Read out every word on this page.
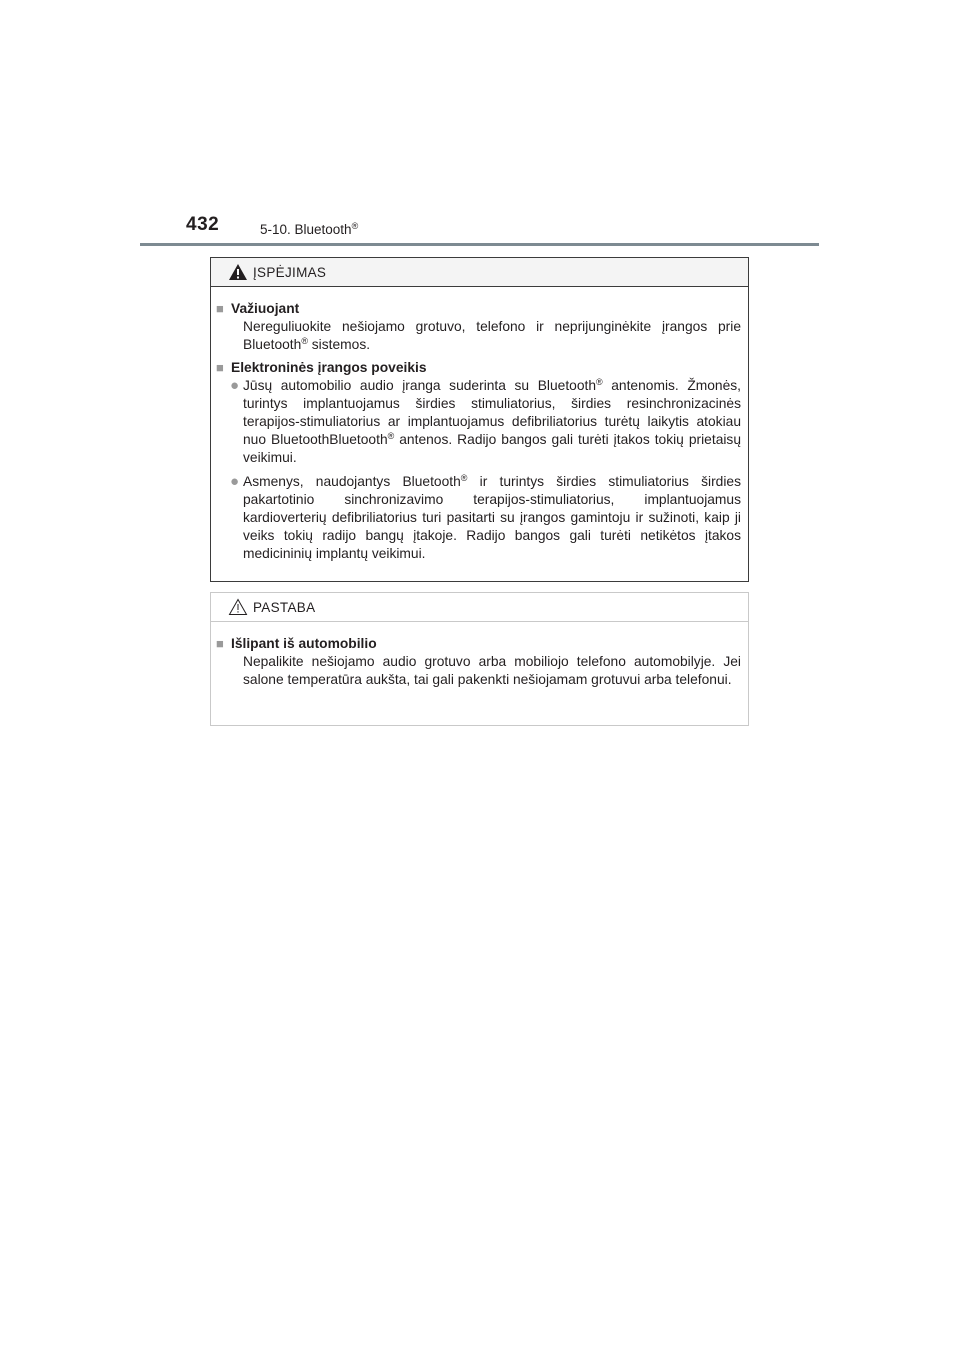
432	5-10. Bluetooth®
ĮSPĖJIMAS
■ Važiuojant
Nereguliuokite nešiojamo grotuvo, telefono ir neprijunginėkite įrangos prie Bluetooth® sistemos.
■ Elektroninės įrangos poveikis
● Jūsų automobilio audio įranga suderinta su Bluetooth® antenomis. Žmonės, turintys implantuojamus širdies stimuliatorius, širdies resinchronizacinės terapijos-stimuliatorius ar implantuojamus defibriliatorius turėtų laikytis atokiau nuo BluetoothBluetooth® antenos. Radijo bangos gali turėti įtakos tokių prietaisų veikimui.
● Asmenys, naudojantys Bluetooth® ir turintys širdies stimuliatorius širdies pakartotinio sinchronizavimo terapijos-stimuliatorius, implantuojamus kardioverterių defibriliatorius turi pasitarti su įrangos gamintoju ir sužinoti, kaip ji veiks tokių radijo bangų įtakoje. Radijo bangos gali turėti netikėtos įtakos medicininių implantų veikimui.
PASTABA
■ Išlipant iš automobilio
Nepalikite nešiojamo audio grotuvo arba mobiliojo telefono automobilyje. Jei salone temperatūra aukšta, tai gali pakenkti nešiojamam grotuvui arba telefonui.
